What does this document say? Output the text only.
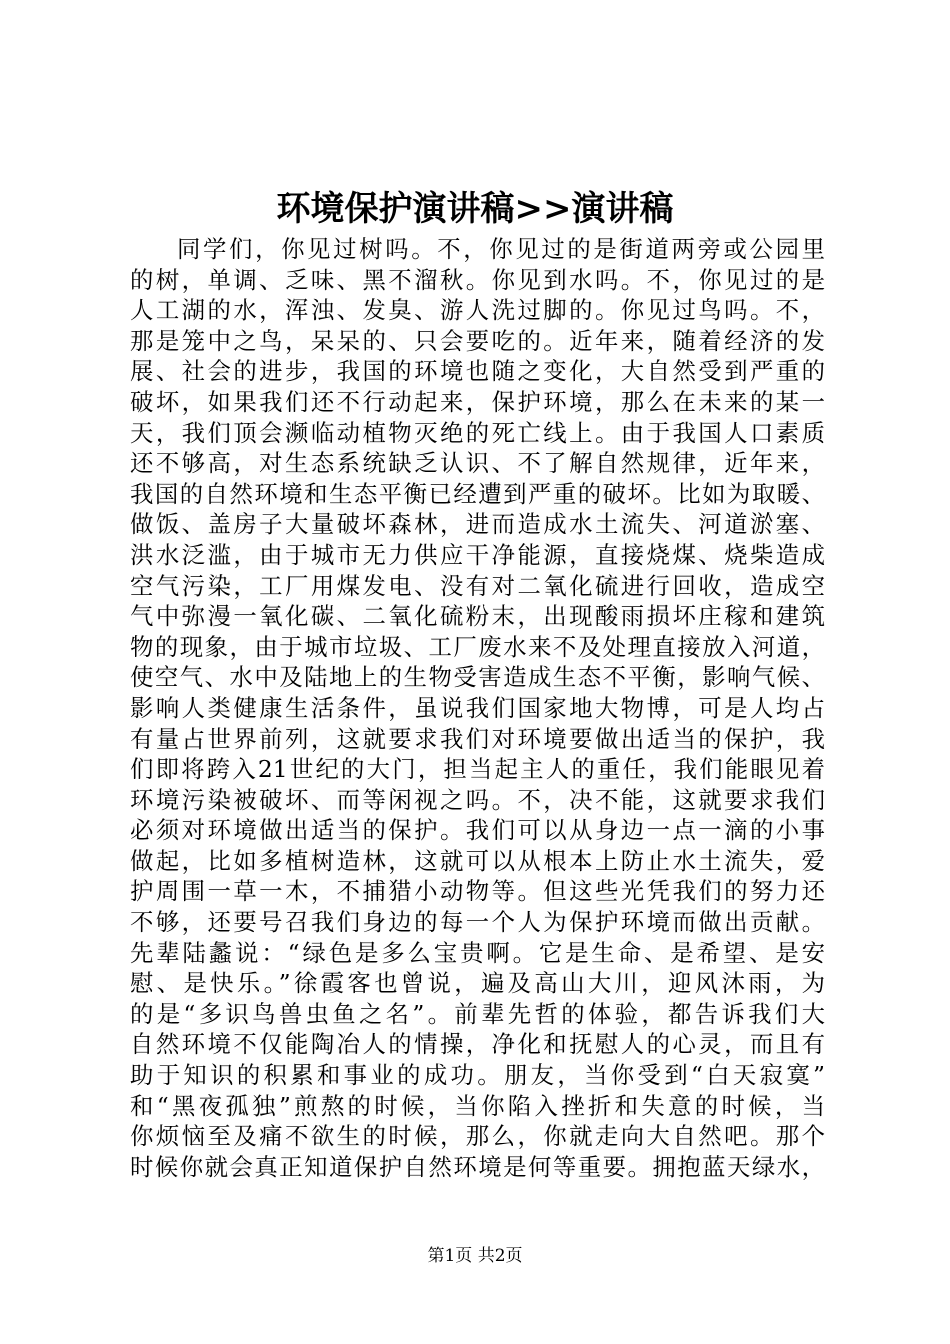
环境保护演讲稿>>演讲稿
同学们，你见过树吗。不，你见过的是街道两旁或公园里
的树，单调、乏味、黑不溜秋。你见到水吗。不，你见过的是
人工湖的水，浑浊、发臭、游人洗过脚的。你见过鸟吗。不，
那是笼中之鸟，呆呆的、只会要吃的。近年来，随着经济的发
展、社会的进步，我国的环境也随之变化，大自然受到严重的
破坏，如果我们还不行动起来，保护环境，那么在未来的某一
天，我们顶会濒临动植物灭绝的死亡线上。由于我国人口素质
还不够高，对生态系统缺乏认识、不了解自然规律，近年来，
我国的自然环境和生态平衡已经遭到严重的破坏。比如为取暖、
做饭、盖房子大量破坏森林，进而造成水土流失、河道淤塞、
洪水泛滥，由于城市无力供应干净能源，直接烧煤、烧柴造成
空气污染，工厂用煤发电、没有对二氧化硫进行回收，造成空
气中弥漫一氧化碳、二氧化硫粉末，出现酸雨损坏庄稼和建筑
物的现象，由于城市垃圾、工厂废水来不及处理直接放入河道，
使空气、水中及陆地上的生物受害造成生态不平衡，影响气候、
影响人类健康生活条件，虽说我们国家地大物博，可是人均占
有量占世界前列，这就要求我们对环境要做出适当的保护，我
们即将跨入21世纪的大门，担当起主人的重任，我们能眼见着
环境污染被破坏、而等闲视之吗。不，决不能，这就要求我们
必须对环境做出适当的保护。我们可以从身边一点一滴的小事
做起，比如多植树造林，这就可以从根本上防止水土流失，爱
护周围一草一木，不捕猎小动物等。但这些光凭我们的努力还
不够，还要号召我们身边的每一个人为保护环境而做出贡献。
先辈陆蠡说：“绿色是多么宝贵啊。它是生命、是希望、是安
慰、是快乐。”徐霞客也曾说，遍及高山大川，迎风沐雨，为
的是“多识鸟兽虫鱼之名”。前辈先哲的体验，都告诉我们大
自然环境不仅能陶冶人的情操，净化和抚慰人的心灵，而且有
助于知识的积累和事业的成功。朋友，当你受到“白天寂寞”
和“黑夜孤独”煎熬的时候，当你陷入挫折和失意的时候，当
你烦恼至及痛不欲生的时候，那么，你就走向大自然吧。那个
时候你就会真正知道保护自然环境是何等重要。拥抱蓝天绿水，
第1页 共2页
